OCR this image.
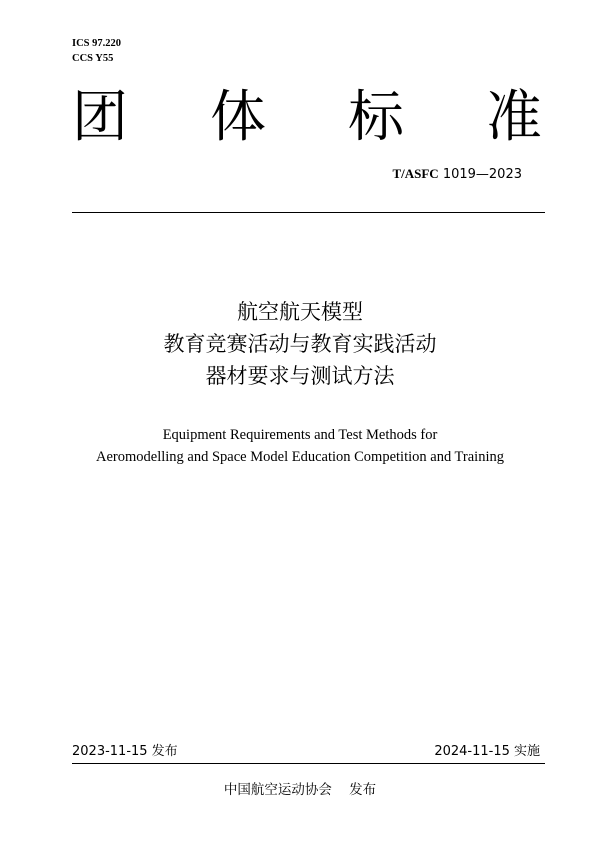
ICS 97.220
CCS Y55
团 体 标 准
T/ASFC 1019—2023
航空航天模型
教育竞赛活动与教育实践活动
器材要求与测试方法
Equipment Requirements and Test Methods for
Aeromodelling and Space Model Education Competition and Training
2023-11-15 发布	2024-11-15 实施
中国航空运动协会    发布
